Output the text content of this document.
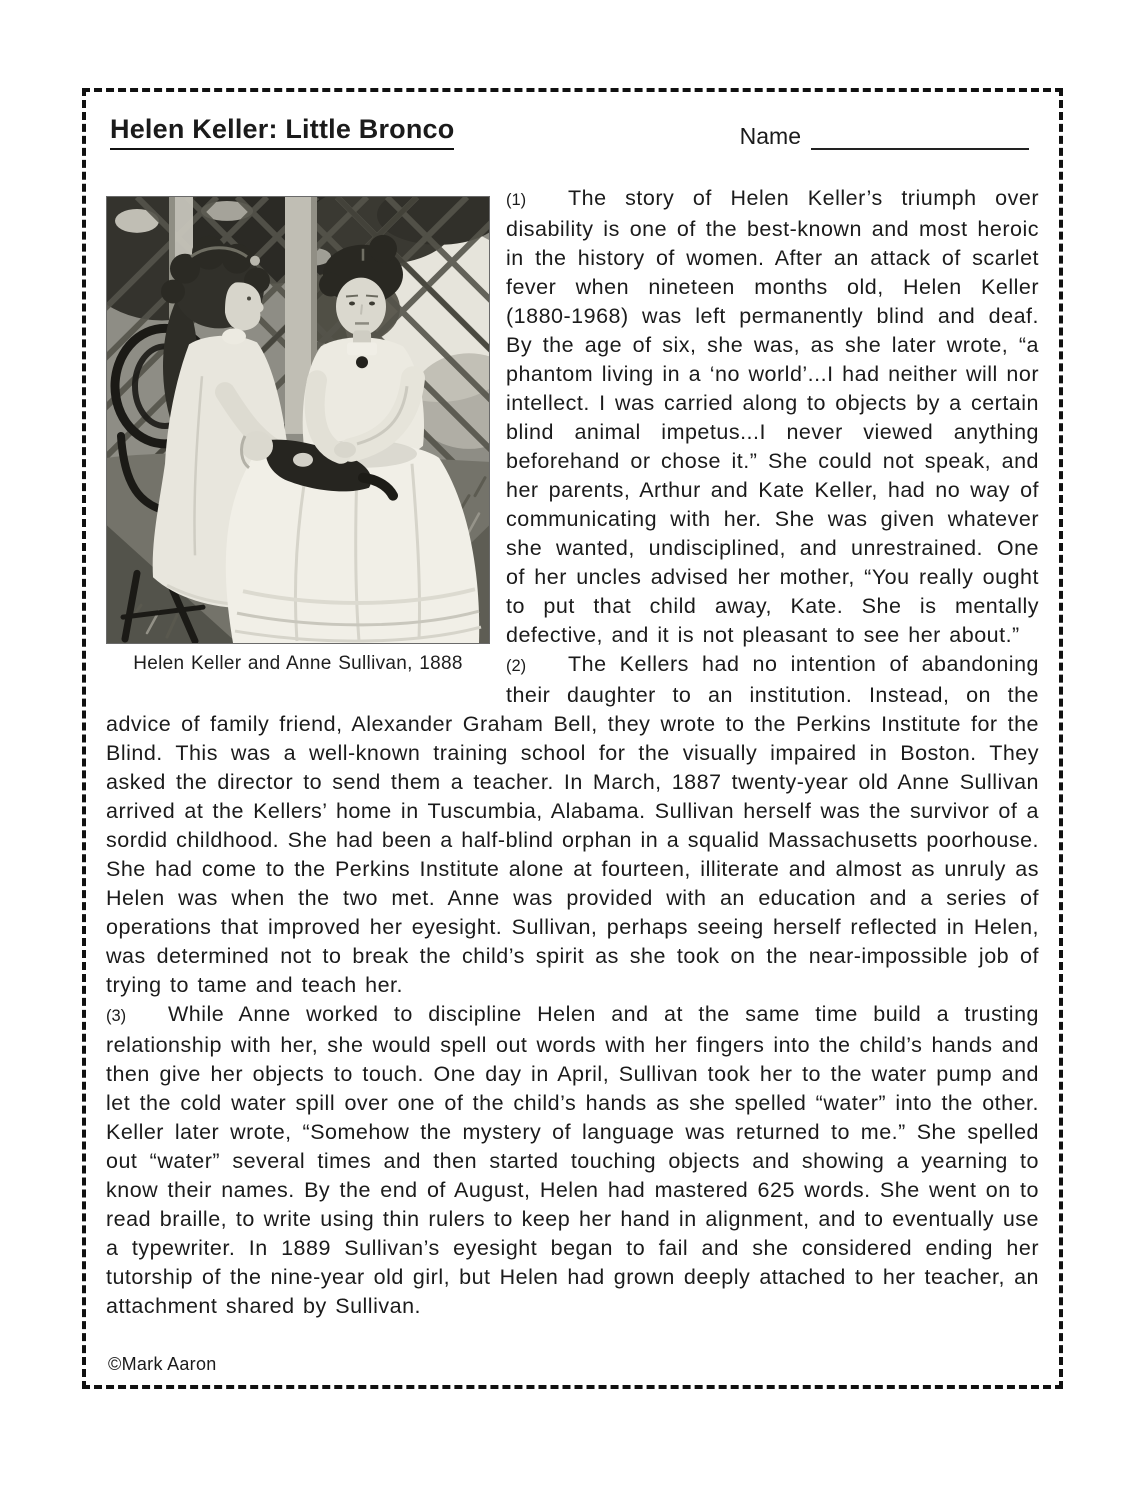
Helen Keller: Little Bronco	Name
Helen Keller and Anne Sullivan, 1888

(1) The story of Helen Keller’s triumph over disability is one of the best-known and most heroic in the history of women. After an attack of scarlet fever when nineteen months old, Helen Keller (1880-1968) was left permanently blind and deaf. By the age of six, she was, as she later wrote, “a phantom living in a ‘no world’...I had neither will nor intellect. I was carried along to objects by a certain blind animal impetus...I never viewed anything beforehand or chose it.” She could not speak, and her parents, Arthur and Kate Keller, had no way of communicating with her. She was given whatever she wanted, undisciplined, and unrestrained. One of her uncles advised her mother, “You really ought to put that child away, Kate. She is mentally defective, and it is not pleasant to see her about.”

(2) The Kellers had no intention of abandoning their daughter to an institution. Instead, on the advice of family friend, Alexander Graham Bell, they wrote to the Perkins Institute for the Blind. This was a well-known training school for the visually impaired in Boston. They asked the director to send them a teacher. In March, 1887 twenty-year old Anne Sullivan arrived at the Kellers’ home in Tuscumbia, Alabama. Sullivan herself was the survivor of a sordid childhood. She had been a half-blind orphan in a squalid Massachusetts poorhouse. She had come to the Perkins Institute alone at fourteen, illiterate and almost as unruly as Helen was when the two met. Anne was provided with an education and a series of operations that improved her eyesight. Sullivan, perhaps seeing herself reflected in Helen, was determined not to break the child’s spirit as she took on the near-impossible job of trying to tame and teach her.

(3) While Anne worked to discipline Helen and at the same time build a trusting relationship with her, she would spell out words with her fingers into the child’s hands and then give her objects to touch. One day in April, Sullivan took her to the water pump and let the cold water spill over one of the child’s hands as she spelled “water” into the other. Keller later wrote, “Somehow the mystery of language was returned to me.” She spelled out “water” several times and then started touching objects and showing a yearning to know their names. By the end of August, Helen had mastered 625 words. She went on to read braille, to write using thin rulers to keep her hand in alignment, and to eventually use a typewriter. In 1889 Sullivan’s eyesight began to fail and she considered ending her tutorship of the nine-year old girl, but Helen had grown deeply attached to her teacher, an attachment shared by Sullivan.

©Mark Aaron
